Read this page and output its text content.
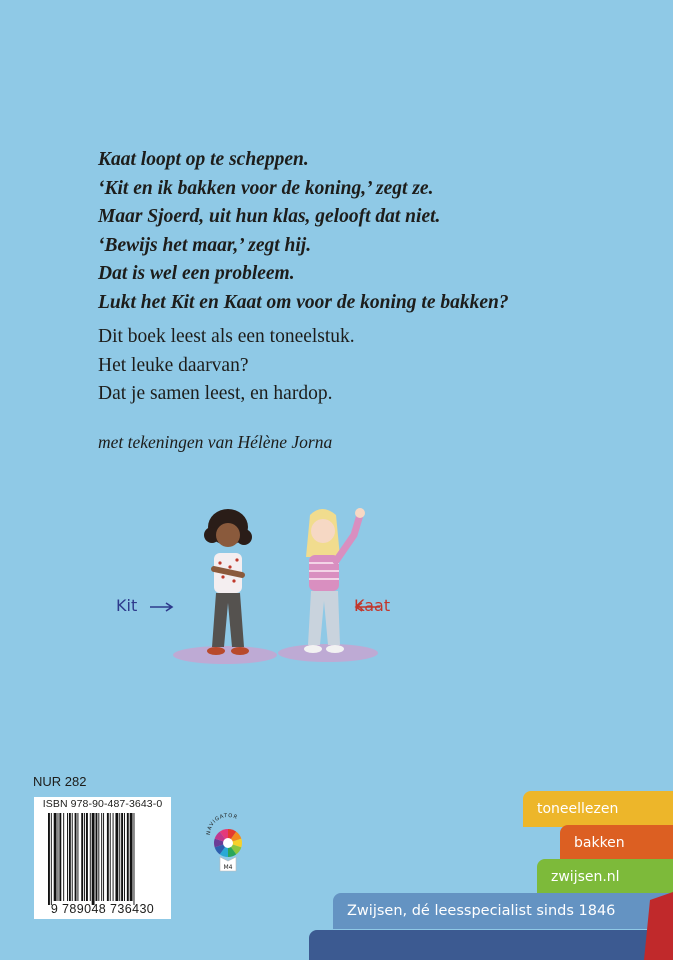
Kaat loopt op te scheppen.
‘Kit en ik bakken voor de koning,’ zegt ze.
Maar Sjoerd, uit hun klas, gelooft dat niet.
‘Bewijs het maar,’ zegt hij.
Dat is wel een probleem.
Lukt het Kit en Kaat om voor de koning te bakken?
Dit boek leest als een toneelstuk.
Het leuke daarvan?
Dat je samen leest, en hardop.
met tekeningen van Hélène Jorna
Kit	Kaat
NUR 282
ISBN 978-90-487-3643-0
9 789048 736430
NAVIGATOR
M4
toneellezen
bakken
zwijsen.nl
Zwijsen, dé leesspecialist sinds 1846
